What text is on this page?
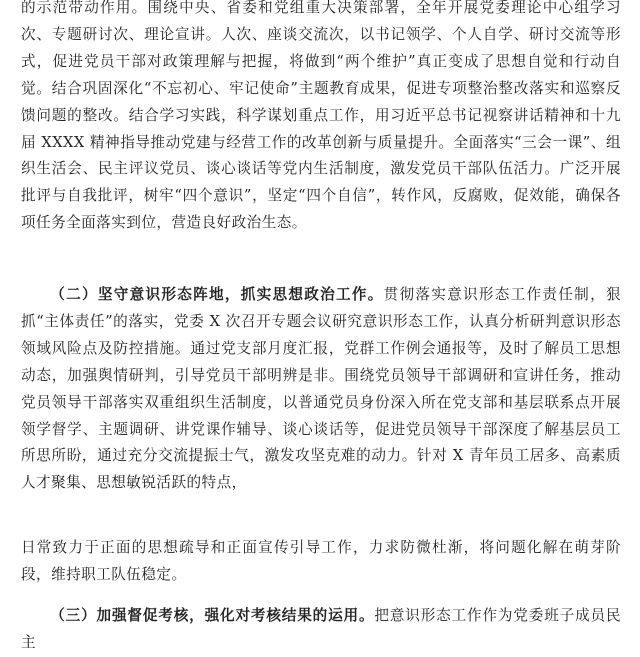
的示范带动作用。围绕中央、省委和党组重大决策部署，全年开展党委理论中心组学习次、专题研讨次、理论宣讲。人次、座谈交流次，以书记领学、个人自学、研讨交流等形式，促进党员干部对政策理解与把握，将做到“两个维护”真正变成了思想自觉和行动自觉。结合巩固深化“不忘初心、牢记使命”主题教育成果，促进专项整治整改落实和巡察反馈问题的整改。结合学习实践，科学谋划重点工作，用习近平总书记视察讲话精神和十九届 XXXX 精神指导推动党建与经营工作的改革创新与质量提升。全面落实“三会一课”、组织生活会、民主评议党员、谈心谈话等党内生活制度，激发党员干部队伍活力。广泛开展批评与自我批评，树牢“四个意识”，坚定“四个自信”，转作风，反腐败，促效能，确保各项任务全面落实到位，营造良好政治生态。

（二）坚守意识形态阵地，抓实思想政治工作。贯彻落实意识形态工作责任制，狠抓“主体责任”的落实，党委 X 次召开专题会议研究意识形态工作，认真分析研判意识形态领域风险点及防控措施。通过党支部月度汇报，党群工作例会通报等，及时了解员工思想动态，加强舆情研判，引导党员干部明辨是非。围绕党员领导干部调研和宣讲任务，推动党员领导干部落实双重组织生活制度，以普通党员身份深入所在党支部和基层联系点开展领学督学、主题调研、讲党课作辅导、谈心谈话等，促进党员领导干部深度了解基层员工所思所盼，通过充分交流提振士气，激发攻坚克难的动力。针对 X 青年员工居多、高素质人才聚集、思想敏锐活跃的特点，

日常致力于正面的思想疏导和正面宣传引导工作，力求防微杜渐，将问题化解在萌芽阶段，维持职工队伍稳定。

（三）加强督促考核，强化对考核结果的运用。把意识形态工作作为党委班子成员民主
